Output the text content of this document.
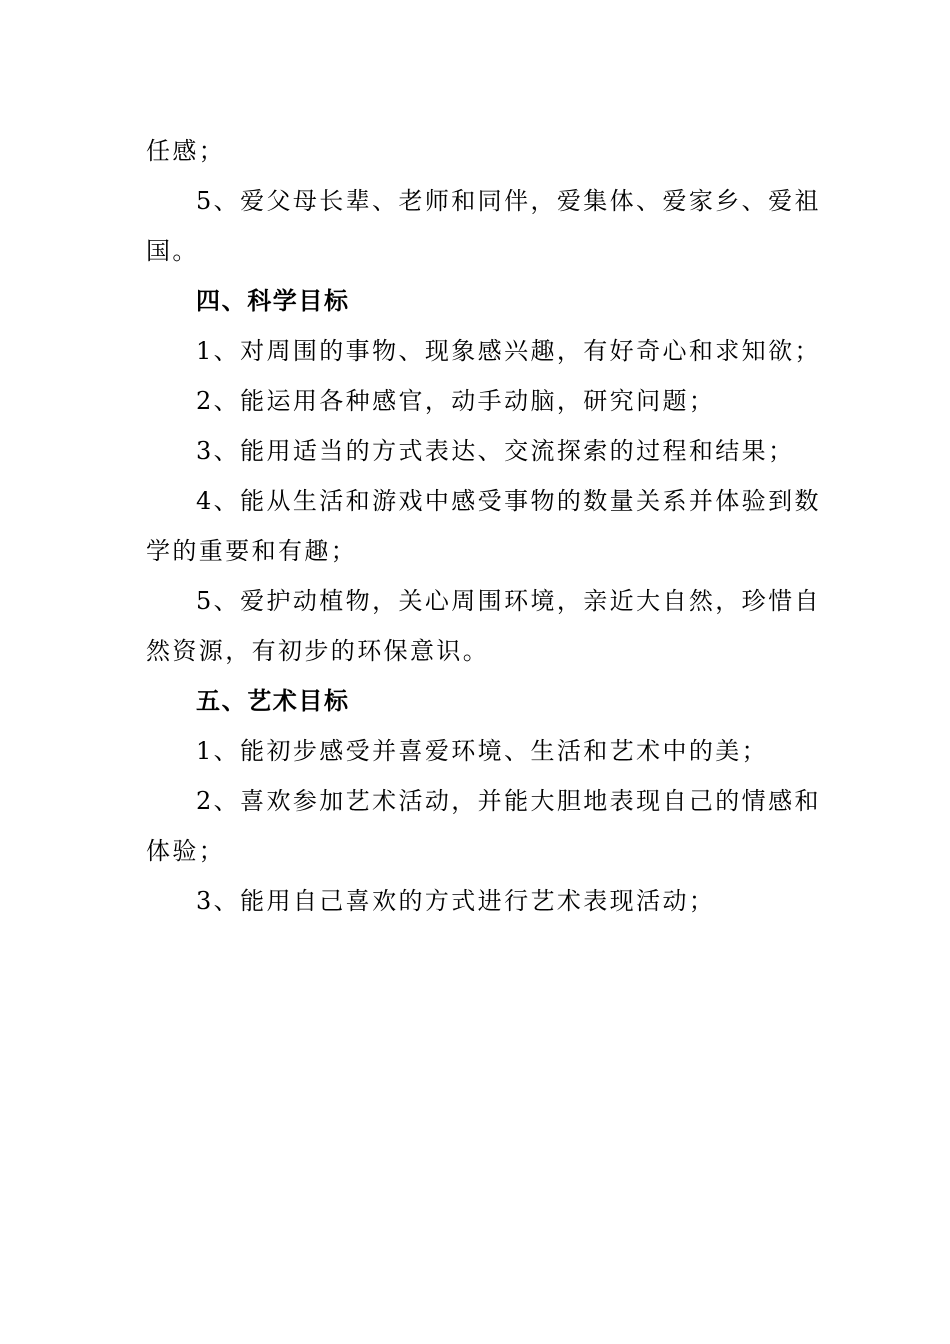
任感；
5、爱父母长辈、老师和同伴，爱集体、爱家乡、爱祖
国。
四、科学目标
1、对周围的事物、现象感兴趣，有好奇心和求知欲；
2、能运用各种感官，动手动脑，研究问题；
3、能用适当的方式表达、交流探索的过程和结果；
4、能从生活和游戏中感受事物的数量关系并体验到数
学的重要和有趣；
5、爱护动植物，关心周围环境，亲近大自然，珍惜自
然资源，有初步的环保意识。
五、艺术目标
1、能初步感受并喜爱环境、生活和艺术中的美；
2、喜欢参加艺术活动，并能大胆地表现自己的情感和
体验；
3、能用自己喜欢的方式进行艺术表现活动；
